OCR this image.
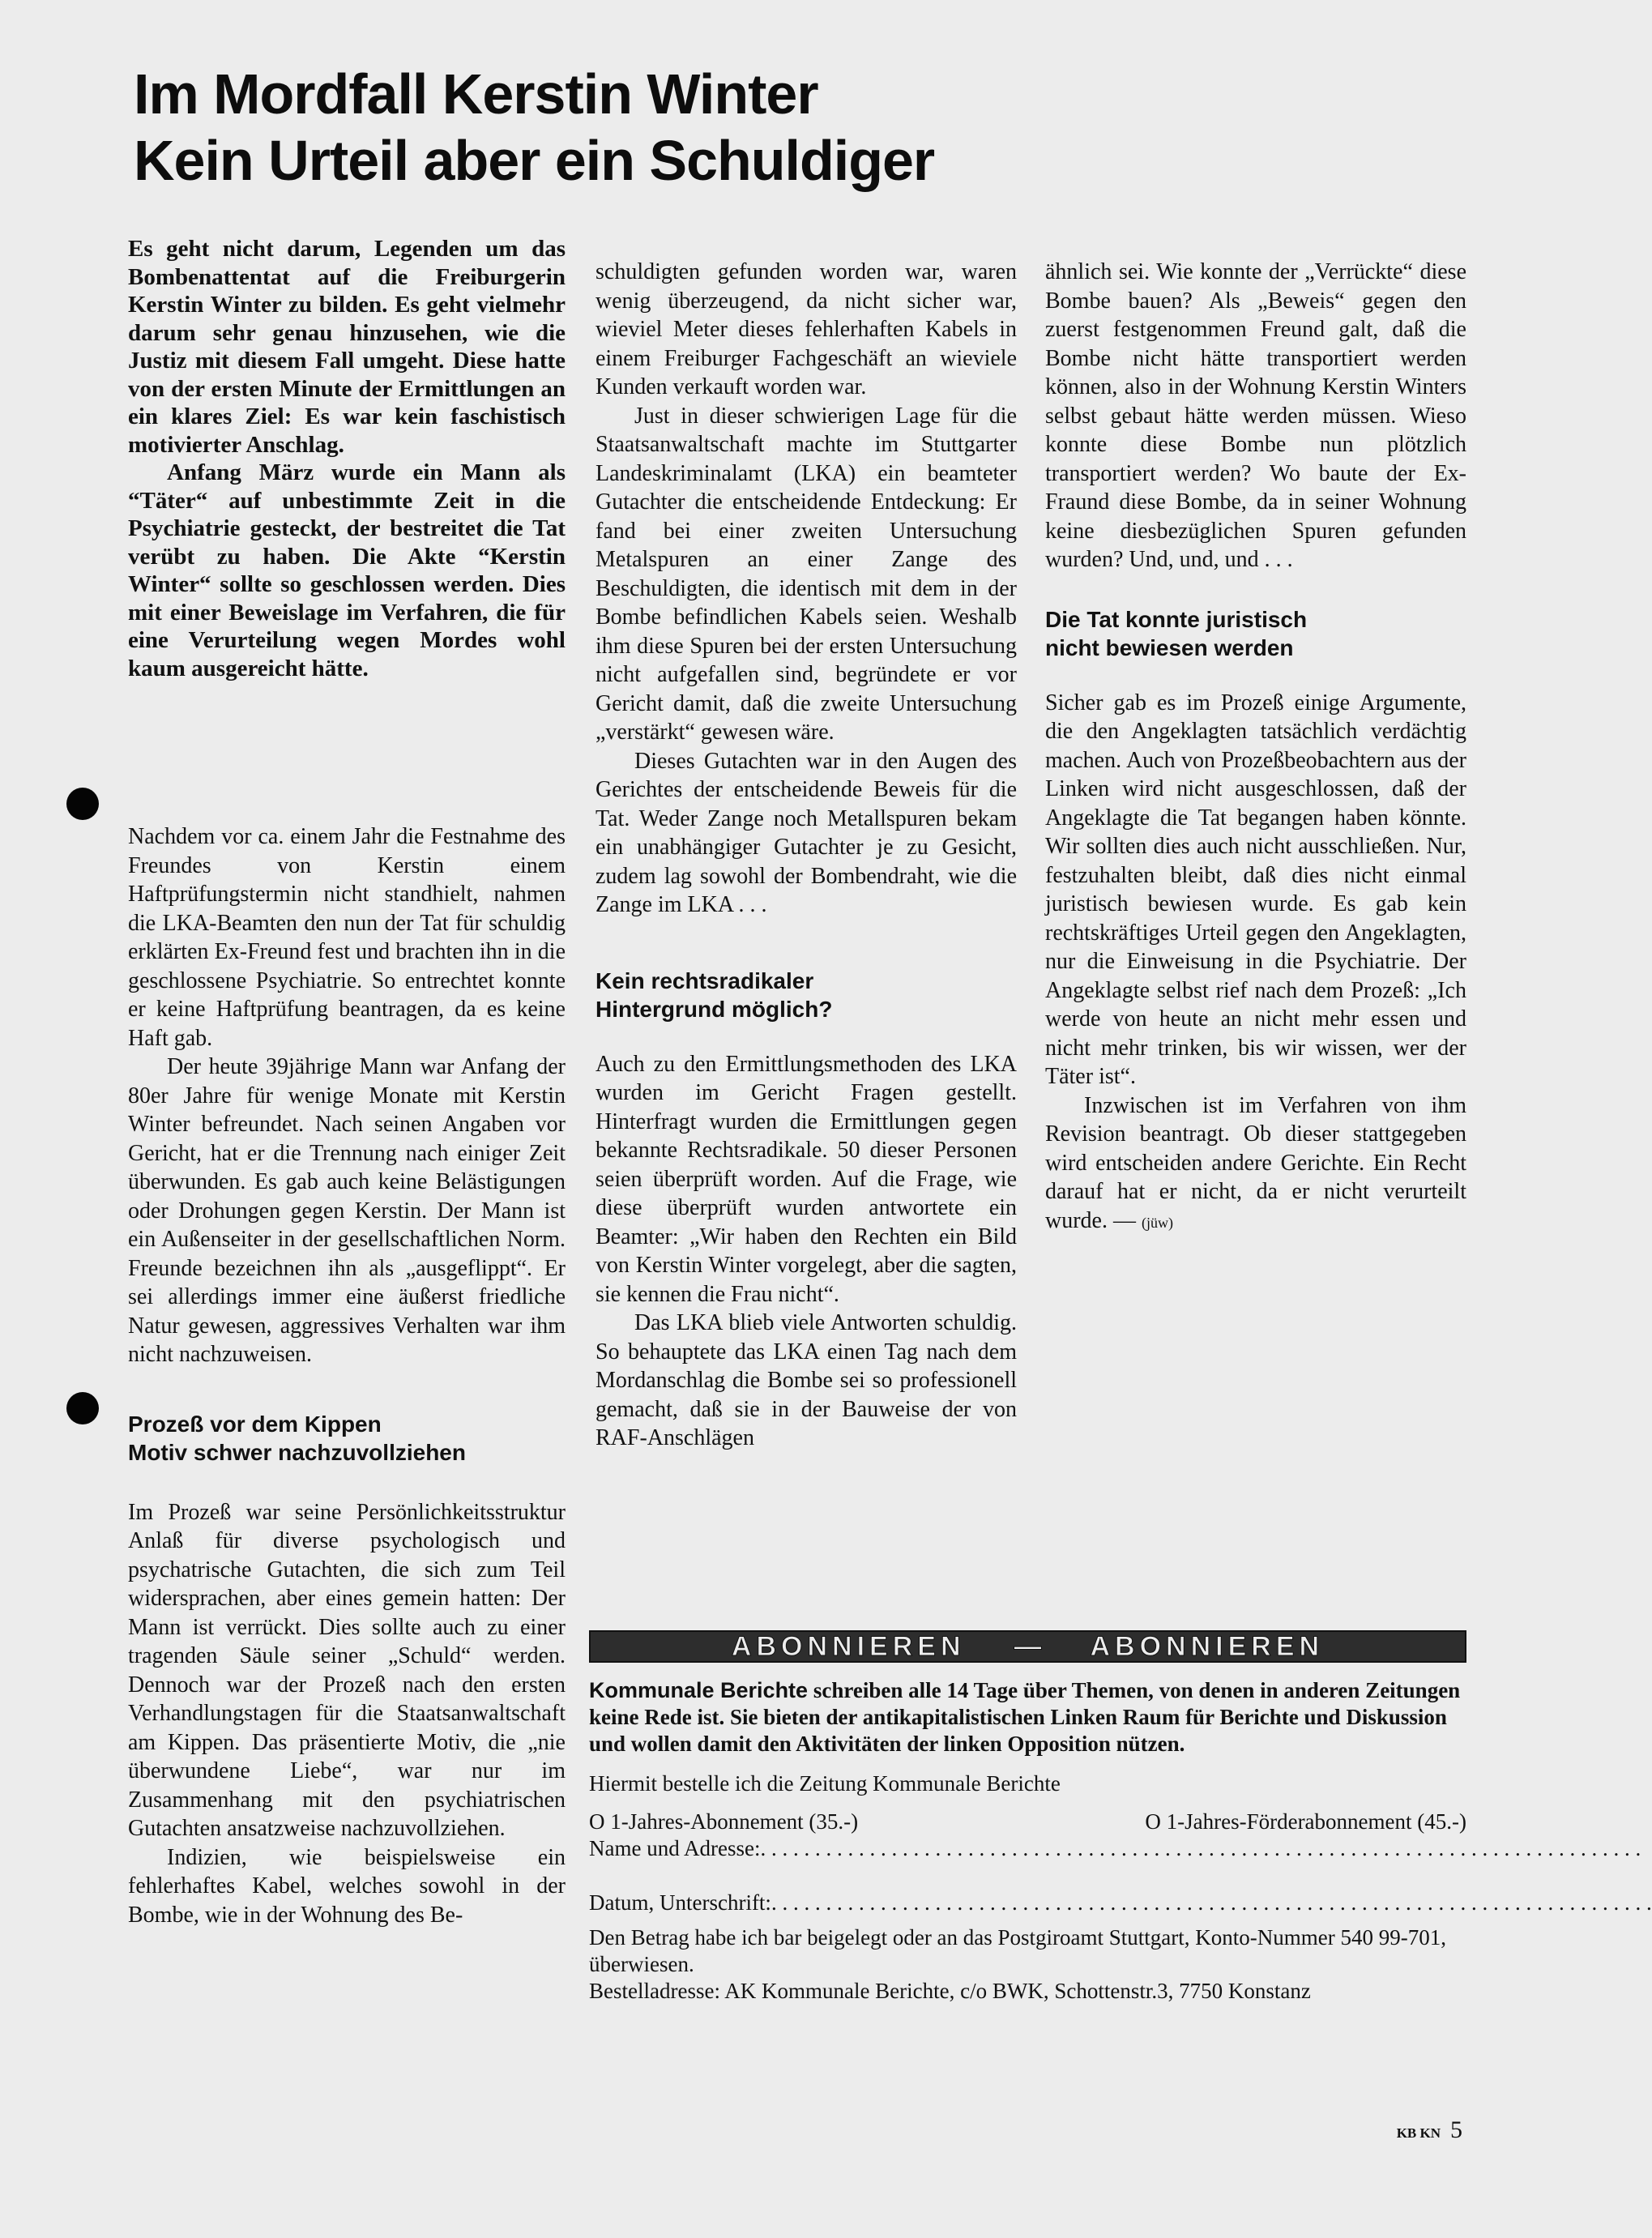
Im Mordfall Kerstin Winter
Kein Urteil aber ein Schuldiger

Es geht nicht darum, Legenden um das Bombenattentat auf die Freiburgerin Kerstin Winter zu bilden. Es geht vielmehr darum sehr genau hinzusehen, wie die Justiz mit diesem Fall umgeht. Diese hatte von der ersten Minute der Ermittlungen an ein klares Ziel: Es war kein faschistisch motivierter Anschlag.

Anfang März wurde ein Mann als “Täter“ auf unbestimmte Zeit in die Psychiatrie gesteckt, der bestreitet die Tat verübt zu haben. Die Akte “Kerstin Winter“ sollte so geschlossen werden. Dies mit einer Beweislage im Verfahren, die für eine Verurteilung wegen Mordes wohl kaum ausgereicht hätte.

Nachdem vor ca. einem Jahr die Festnahme des Freundes von Kerstin einem Haftprüfungstermin nicht standhielt, nahmen die LKA-Beamten den nun der Tat für schuldig erklärten Ex-Freund fest und brachten ihn in die geschlossene Psychiatrie. So entrechtet konnte er keine Haftprüfung beantragen, da es keine Haft gab.

Der heute 39jährige Mann war Anfang der 80er Jahre für wenige Monate mit Kerstin Winter befreundet. Nach seinen Angaben vor Gericht, hat er die Trennung nach einiger Zeit überwunden. Es gab auch keine Belästigungen oder Drohungen gegen Kerstin. Der Mann ist ein Außenseiter in der gesellschaftlichen Norm. Freunde bezeichnen ihn als „ausgeflippt“. Er sei allerdings immer eine äußerst friedliche Natur gewesen, aggressives Verhalten war ihm nicht nachzuweisen.

Prozeß vor dem Kippen

Motiv schwer nachzuvollziehen

Im Prozeß war seine Persönlichkeitsstruktur Anlaß für diverse psychologisch und psychatrische Gutachten, die sich zum Teil widersprachen, aber eines gemein hatten: Der Mann ist verrückt. Dies sollte auch zu einer tragenden Säule seiner „Schuld“ werden. Dennoch war der Prozeß nach den ersten Verhandlungstagen für die Staatsanwaltschaft am Kippen. Das präsentierte Motiv, die „nie überwundene Liebe“, war nur im Zusammenhang mit den psychiatrischen Gutachten ansatzweise nachzuvollziehen.

Indizien, wie beispielsweise ein fehlerhaftes Kabel, welches sowohl in der Bombe, wie in der Wohnung des Be-

schuldigten gefunden worden war, waren wenig überzeugend, da nicht sicher war, wieviel Meter dieses fehlerhaften Kabels in einem Freiburger Fachgeschäft an wieviele Kunden verkauft worden war.

Just in dieser schwierigen Lage für die Staatsanwaltschaft machte im Stuttgarter Landeskriminalamt (LKA) ein beamteter Gutachter die entscheidende Entdeckung: Er fand bei einer zweiten Untersuchung Metalspuren an einer Zange des Beschuldigten, die identisch mit dem in der Bombe befindlichen Kabels seien. Weshalb ihm diese Spuren bei der ersten Untersuchung nicht aufgefallen sind, begründete er vor Gericht damit, daß die zweite Untersuchung „verstärkt“ gewesen wäre.

Dieses Gutachten war in den Augen des Gerichtes der entscheidende Beweis für die Tat. Weder Zange noch Metallspuren bekam ein unabhängiger Gutachter je zu Gesicht, zudem lag sowohl der Bombendraht, wie die Zange im LKA . . .

Kein rechtsradikaler

Hintergrund möglich?

Auch zu den Ermittlungsmethoden des LKA wurden im Gericht Fragen gestellt. Hinterfragt wurden die Ermittlungen gegen bekannte Rechtsradikale. 50 dieser Personen seien überprüft worden. Auf die Frage, wie diese überprüft wurden antwortete ein Beamter: „Wir haben den Rechten ein Bild von Kerstin Winter vorgelegt, aber die sagten, sie kennen die Frau nicht“.

Das LKA blieb viele Antworten schuldig. So behauptete das LKA einen Tag nach dem Mordanschlag die Bombe sei so professionell gemacht, daß sie in der Bauweise der von RAF-Anschlägen

ähnlich sei. Wie konnte der „Verrückte“ diese Bombe bauen? Als „Beweis“ gegen den zuerst festgenommen Freund galt, daß die Bombe nicht hätte transportiert werden können, also in der Wohnung Kerstin Winters selbst gebaut hätte werden müssen. Wieso konnte diese Bombe nun plötzlich transportiert werden? Wo baute der Ex-Fraund diese Bombe, da in seiner Wohnung keine diesbezüglichen Spuren gefunden wurden? Und, und, und . . .

Die Tat konnte juristisch

nicht bewiesen werden

Sicher gab es im Prozeß einige Argumente, die den Angeklagten tatsächlich verdächtig machen. Auch von Prozeßbeobachtern aus der Linken wird nicht ausgeschlossen, daß der Angeklagte die Tat begangen haben könnte. Wir sollten dies auch nicht ausschließen. Nur, festzuhalten bleibt, daß dies nicht einmal juristisch bewiesen wurde. Es gab kein rechtskräftiges Urteil gegen den Angeklagten, nur die Einweisung in die Psychiatrie. Der Angeklagte selbst rief nach dem Prozeß: „Ich werde von heute an nicht mehr essen und nicht mehr trinken, bis wir wissen, wer der Täter ist“.

Inzwischen ist im Verfahren von ihm Revision beantragt. Ob dieser stattgegeben wird entscheiden andere Gerichte. Ein Recht darauf hat er nicht, da er nicht verurteilt wurde. — (jüw)

ABONNIEREN — ABONNIEREN

Kommunale Berichte schreiben alle 14 Tage über Themen, von denen in anderen Zeitungen keine Rede ist. Sie bieten der antikapitalistischen Linken Raum für Berichte und Diskussion und wollen damit den Aktivitäten der linken Opposition nützen.

Hiermit bestelle ich die Zeitung Kommunale Berichte

O 1-Jahres-Abonnement (35.-)	O 1-Jahres-Förderabonnement (45.-)

Name und Adresse:. . . . . . . . . . . . . . . . . . . . . . . . . . . . . . . . . . . . . . . . . . . . . . . . . . . . . . . . . . . . . . . . . . . . . . . . . . . . . . . . .

Datum, Unterschrift:. . . . . . . . . . . . . . . . . . . . . . . . . . . . . . . . . . . . . . . . . . . . . . . . . . . . . . . . . . . . . . . . . . . . . . . . . . . . . . . . .

Den Betrag habe ich bar beigelegt oder an das Postgiroamt Stuttgart, Konto-Nummer 540 99-701, überwiesen.

Bestelladresse: AK Kommunale Berichte, c/o BWK, Schottenstr.3, 7750 Konstanz

KB KN 5
